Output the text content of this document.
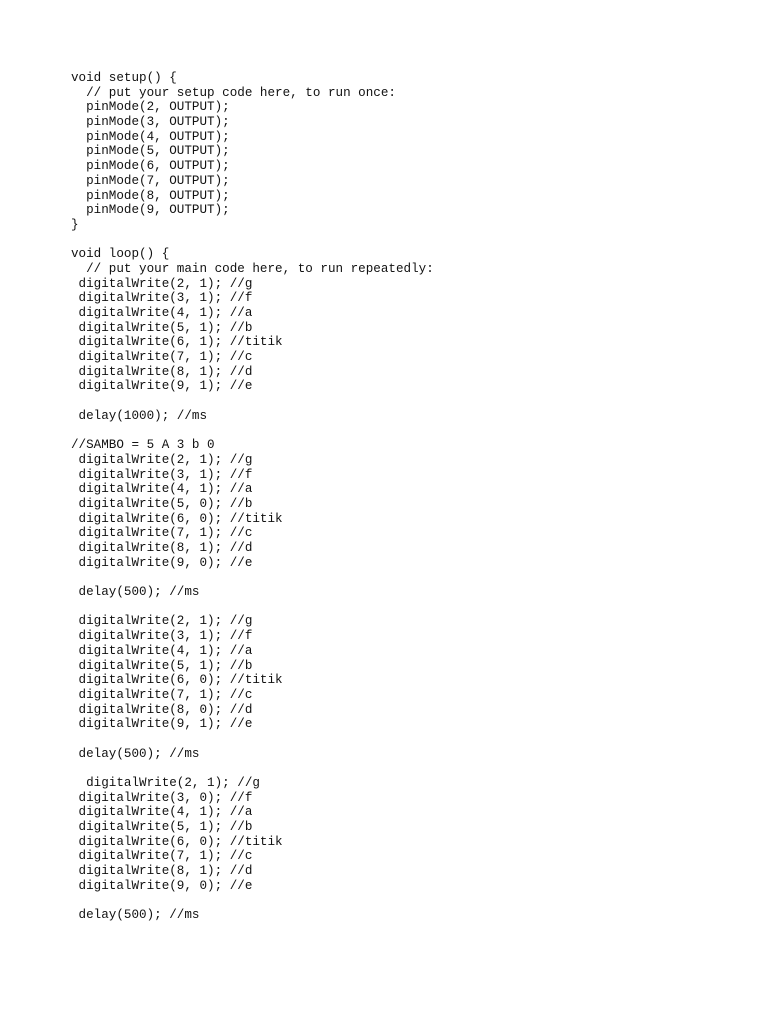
void setup() {
// put your setup code here, to run once:
pinMode(2, OUTPUT);
pinMode(3, OUTPUT);
pinMode(4, OUTPUT);
pinMode(5, OUTPUT);
pinMode(6, OUTPUT);
pinMode(7, OUTPUT);
pinMode(8, OUTPUT);
pinMode(9, OUTPUT);
}
void loop() {
// put your main code here, to run repeatedly:
digitalWrite(2, 1); //g
digitalWrite(3, 1); //f
digitalWrite(4, 1); //a
digitalWrite(5, 1); //b
digitalWrite(6, 1); //titik
digitalWrite(7, 1); //c
digitalWrite(8, 1); //d
digitalWrite(9, 1); //e
delay(1000); //ms
//SAMBO = 5 A 3 b 0
digitalWrite(2, 1); //g
digitalWrite(3, 1); //f
digitalWrite(4, 1); //a
digitalWrite(5, 0); //b
digitalWrite(6, 0); //titik
digitalWrite(7, 1); //c
digitalWrite(8, 1); //d
digitalWrite(9, 0); //e
delay(500); //ms
digitalWrite(2, 1); //g
digitalWrite(3, 1); //f
digitalWrite(4, 1); //a
digitalWrite(5, 1); //b
digitalWrite(6, 0); //titik
digitalWrite(7, 1); //c
digitalWrite(8, 0); //d
digitalWrite(9, 1); //e
delay(500); //ms
digitalWrite(2, 1); //g
digitalWrite(3, 0); //f
digitalWrite(4, 1); //a
digitalWrite(5, 1); //b
digitalWrite(6, 0); //titik
digitalWrite(7, 1); //c
digitalWrite(8, 1); //d
digitalWrite(9, 0); //e
delay(500); //ms
